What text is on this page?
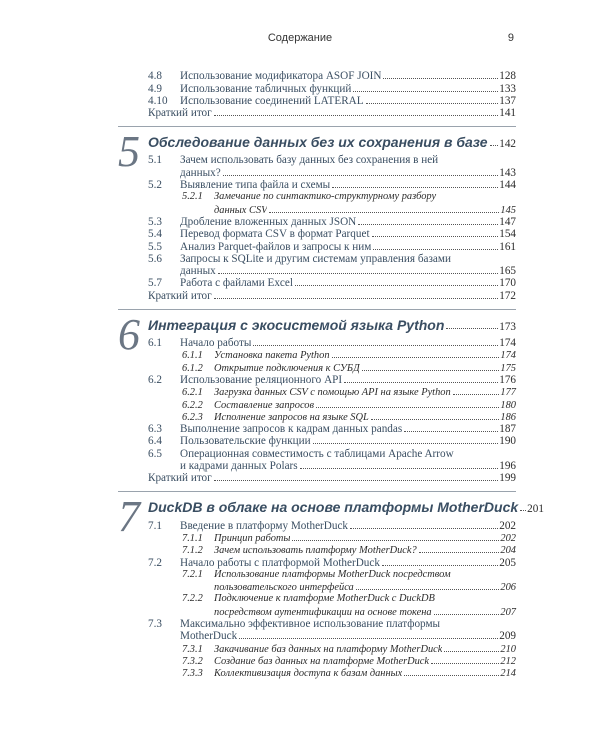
Содержание	9
4.8	Использование модификатора ASOF JOIN	128
4.9	Использование табличных функций	133
4.10	Использование соединений LATERAL	137
Краткий итог	141
5 Обследование данных без их сохранения в базе 142
5.1 Зачем использовать базу данных без сохранения в ней
данных?	143
5.2	Выявление типа файла и схемы	144
5.2.1 Замечание по синтактико-структурному разбору
данных CSV	145
5.3	Дробление вложенных данных JSON	147
5.4	Перевод формата CSV в формат Parquet	154
5.5	Анализ Parquet-файлов и запросы к ним	161
5.6 Запросы к SQLite и другим системам управления базами
данных	165
5.7	Работа с файлами Excel	170
Краткий итог	172
6 Интеграция с экосистемой языка Python	173
6.1	Начало работы	174
6.1.1	Установка пакета Python	174
6.1.2	Открытие подключения к СУБД	175
6.2	Использование реляционного API	176
6.2.1	Загрузка данных CSV с помощью API на языке Python	177
6.2.2	Составление запросов	180
6.2.3	Исполнение запросов на языке SQL	186
6.3	Выполнение запросов к кадрам данных pandas	187
6.4	Пользовательские функции	190
6.5 Операционная совместимость с таблицами Apache Arrow
и кадрами данных Polars	196
Краткий итог	199
7 DuckDB в облаке на основе платформы MotherDuck 201
7.1	Введение в платформу MotherDuck	202
7.1.1	Принцип работы	202
7.1.2	Зачем использовать платформу MotherDuck?	204
7.2	Начало работы с платформой MotherDuck	205
7.2.1 Использование платформы MotherDuck посредством
пользовательского интерфейса	206
7.2.2 Подключение к платформе MotherDuck с DuckDB
посредством аутентификации на основе токена	207
7.3 Максимально эффективное использование платформы
MotherDuck	209
7.3.1	Закачивание баз данных на платформу MotherDuck	210
7.3.2	Создание баз данных на платформе MotherDuck	212
7.3.3	Коллективизация доступа к базам данных	214
